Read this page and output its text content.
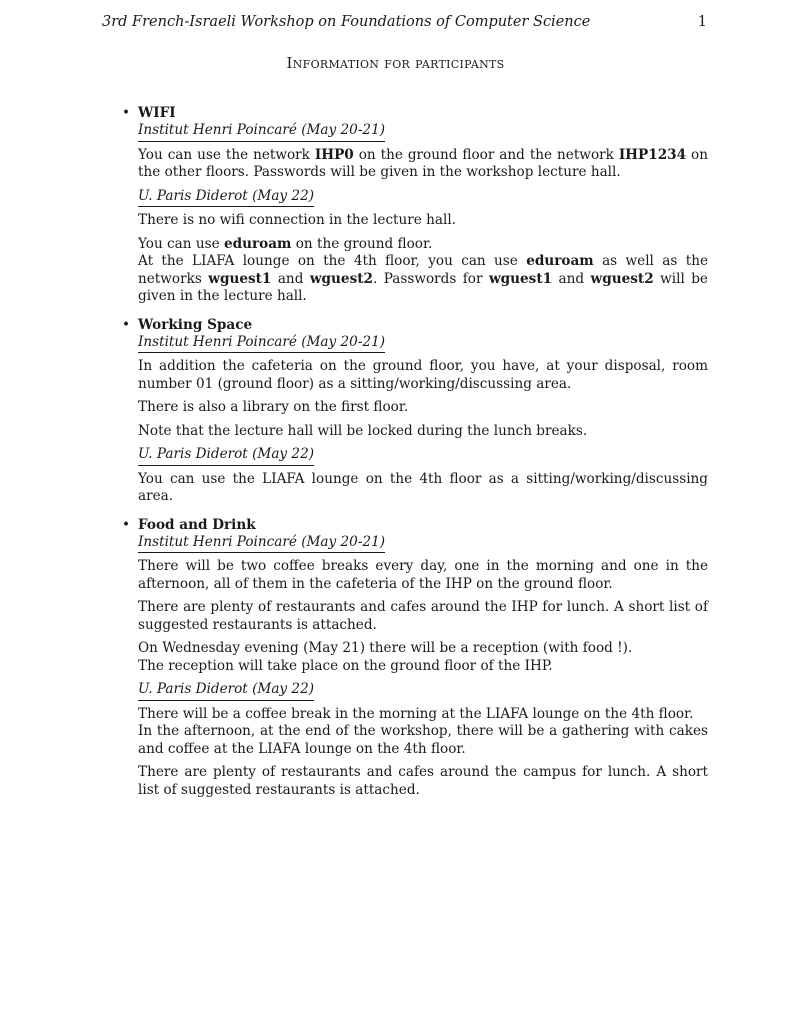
3rd French-Israeli Workshop on Foundations of Computer Science	1
Information for participants
• WIFI
Institut Henri Poincaré (May 20-21)

You can use the network IHP0 on the ground floor and the network IHP1234 on the other floors. Passwords will be given in the workshop lecture hall.

U. Paris Diderot (May 22)

There is no wifi connection in the lecture hall.

You can use eduroam on the ground floor.

At the LIAFA lounge on the 4th floor, you can use eduroam as well as the networks wguest1 and wguest2. Passwords for wguest1 and wguest2 will be given in the lecture hall.

• Working Space
Institut Henri Poincaré (May 20-21)

In addition the cafeteria on the ground floor, you have, at your disposal, room number 01 (ground floor) as a sitting/working/discussing area.

There is also a library on the first floor.

Note that the lecture hall will be locked during the lunch breaks.

U. Paris Diderot (May 22)

You can use the LIAFA lounge on the 4th floor as a sitting/working/discussing area.

• Food and Drink
Institut Henri Poincaré (May 20-21)

There will be two coffee breaks every day, one in the morning and one in the afternoon, all of them in the cafeteria of the IHP on the ground floor.

There are plenty of restaurants and cafes around the IHP for lunch. A short list of suggested restaurants is attached.

On Wednesday evening (May 21) there will be a reception (with food !).
The reception will take place on the ground floor of the IHP.

U. Paris Diderot (May 22)

There will be a coffee break in the morning at the LIAFA lounge on the 4th floor.
In the afternoon, at the end of the workshop, there will be a gathering with cakes and coffee at the LIAFA lounge on the 4th floor.

There are plenty of restaurants and cafes around the campus for lunch. A short list of suggested restaurants is attached.
